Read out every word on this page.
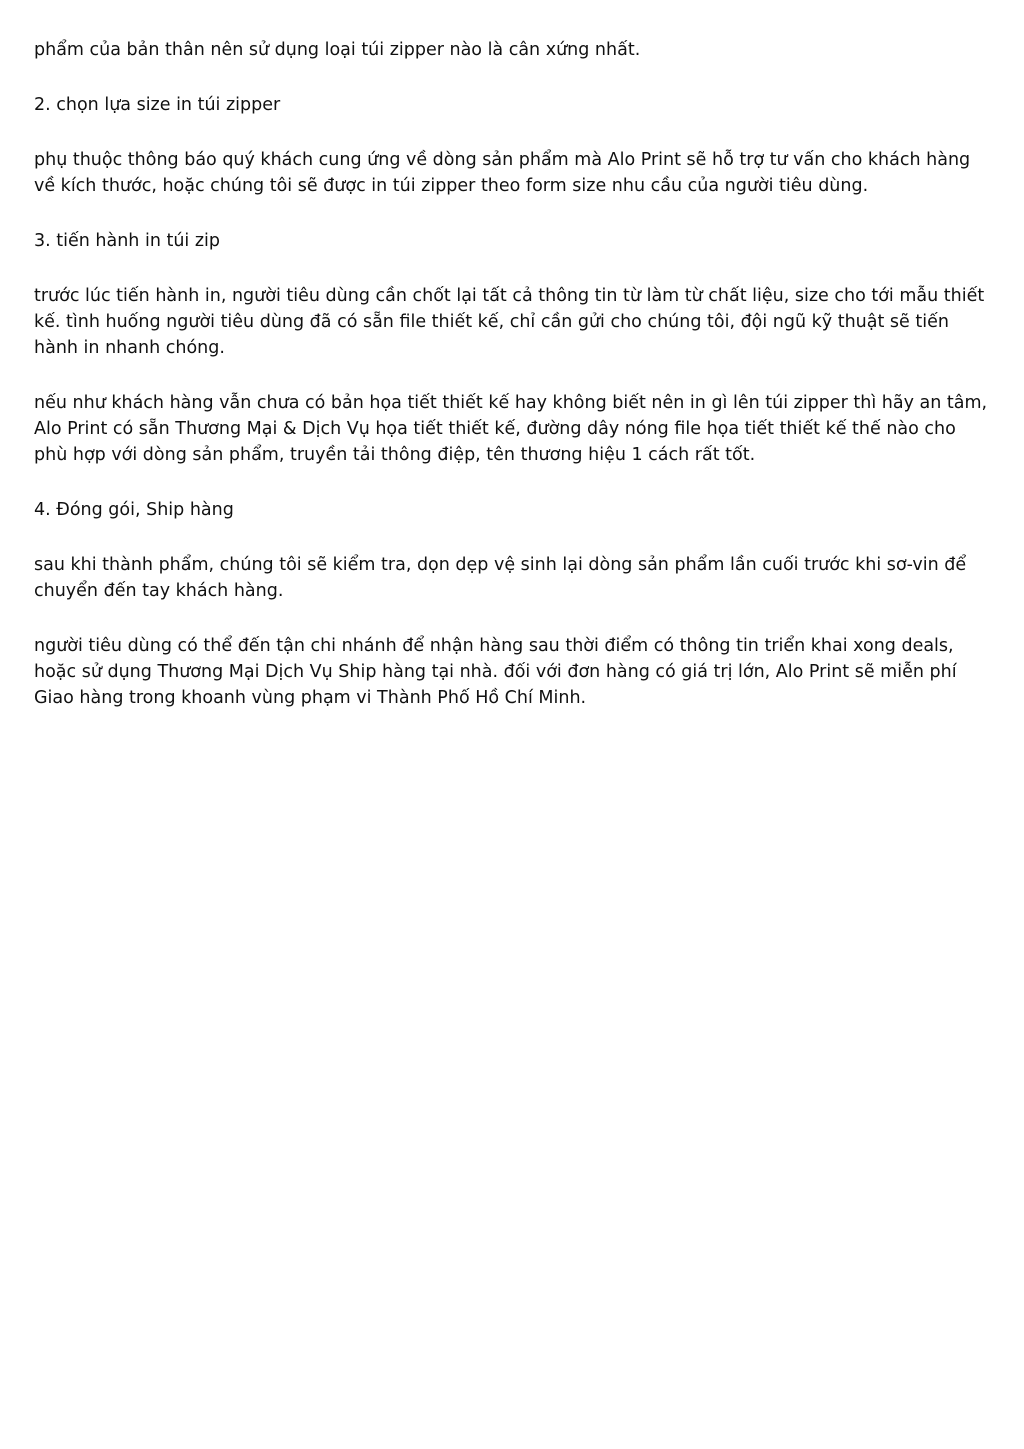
phẩm của bản thân nên sử dụng loại túi zipper nào là cân xứng nhất.

2. chọn lựa size in túi zipper

phụ thuộc thông báo quý khách cung ứng về dòng sản phẩm mà Alo Print sẽ hỗ trợ tư vấn cho khách hàng về kích thước, hoặc chúng tôi sẽ được in túi zipper theo form size nhu cầu của người tiêu dùng.

3. tiến hành in túi zip

trước lúc tiến hành in, người tiêu dùng cần chốt lại tất cả thông tin từ làm từ chất liệu, size cho tới mẫu thiết kế. tình huống người tiêu dùng đã có sẵn file thiết kế, chỉ cần gửi cho chúng tôi, đội ngũ kỹ thuật sẽ tiến hành in nhanh chóng.

nếu như khách hàng vẫn chưa có bản họa tiết thiết kế hay không biết nên in gì lên túi zipper thì hãy an tâm, Alo Print có sẵn Thương Mại & Dịch Vụ họa tiết thiết kế, đường dây nóng file họa tiết thiết kế thế nào cho phù hợp với dòng sản phẩm, truyền tải thông điệp, tên thương hiệu 1 cách rất tốt.

4. Đóng gói, Ship hàng

sau khi thành phẩm, chúng tôi sẽ kiểm tra, dọn dẹp vệ sinh lại dòng sản phẩm lần cuối trước khi sơ-vin để chuyển đến tay khách hàng.

người tiêu dùng có thể đến tận chi nhánh để nhận hàng sau thời điểm có thông tin triển khai xong deals, hoặc sử dụng Thương Mại Dịch Vụ Ship hàng tại nhà. đối với đơn hàng có giá trị lớn, Alo Print sẽ miễn phí Giao hàng trong khoanh vùng phạm vi Thành Phố Hồ Chí Minh.
